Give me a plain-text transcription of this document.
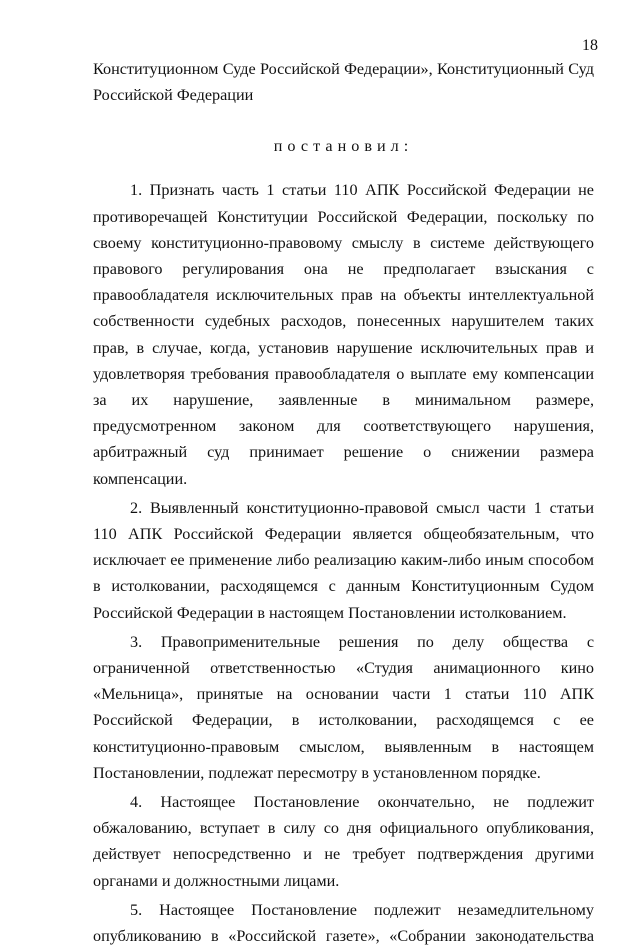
18

Конституционном Суде Российской Федерации», Конституционный Суд Российской Федерации

постановил:

1. Признать часть 1 статьи 110 АПК Российской Федерации не противоречащей Конституции Российской Федерации, поскольку по своему конституционно-правовому смыслу в системе действующего правового регулирования она не предполагает взыскания с правообладателя исключительных прав на объекты интеллектуальной собственности судебных расходов, понесенных нарушителем таких прав, в случае, когда, установив нарушение исключительных прав и удовлетворяя требования правообладателя о выплате ему компенсации за их нарушение, заявленные в минимальном размере, предусмотренном законом для соответствующего нарушения, арбитражный суд принимает решение о снижении размера компенсации.

2. Выявленный конституционно-правовой смысл части 1 статьи 110 АПК Российской Федерации является общеобязательным, что исключает ее применение либо реализацию каким-либо иным способом в истолковании, расходящемся с данным Конституционным Судом Российской Федерации в настоящем Постановлении истолкованием.

3. Правоприменительные решения по делу общества с ограниченной ответственностью «Студия анимационного кино «Мельница», принятые на основании части 1 статьи 110 АПК Российской Федерации, в истолковании, расходящемся с ее конституционно-правовым смыслом, выявленным в настоящем Постановлении, подлежат пересмотру в установленном порядке.

4. Настоящее Постановление окончательно, не подлежит обжалованию, вступает в силу со дня официального опубликования, действует непосредственно и не требует подтверждения другими органами и должностными лицами.

5. Настоящее Постановление подлежит незамедлительному опубликованию в «Российской газете», «Собрании законодательства
